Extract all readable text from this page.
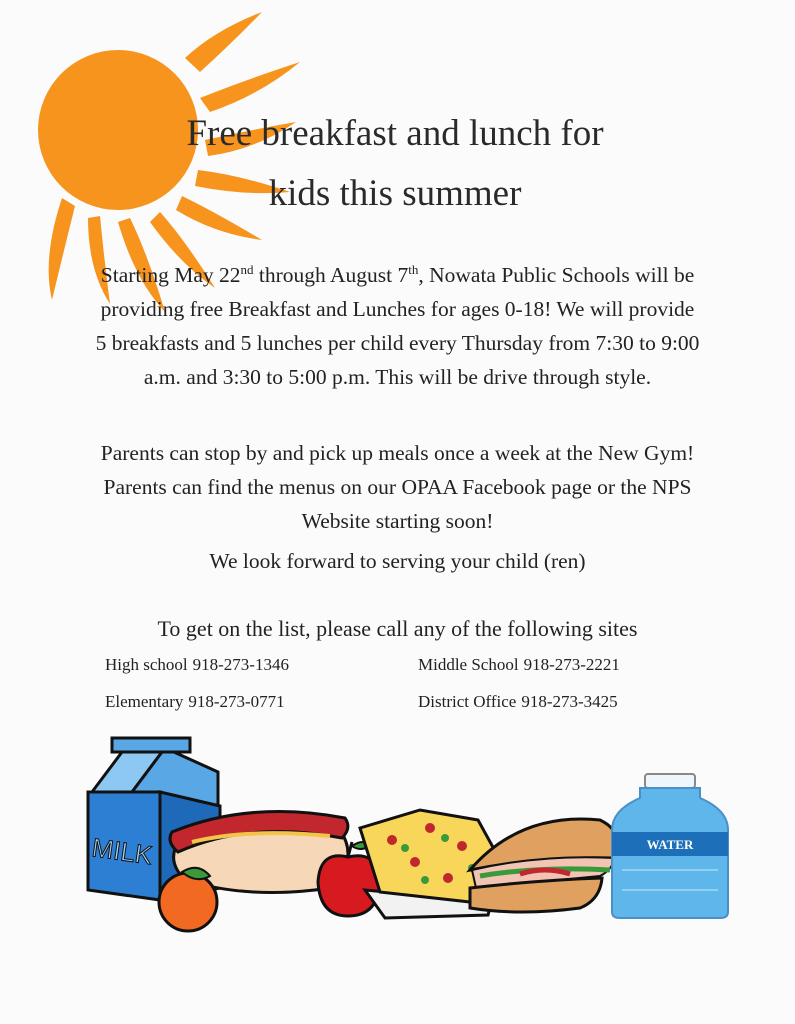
Free breakfast and lunch for
kids this summer
Starting May 22nd through August 7th, Nowata Public Schools will be providing free Breakfast and Lunches for ages 0-18! We will provide 5 breakfasts and 5 lunches per child every Thursday from 7:30 to 9:00 a.m. and 3:30 to 5:00 p.m. This will be drive through style.
Parents can stop by and pick up meals once a week at the New Gym! Parents can find the menus on our OPAA Facebook page or the NPS Website starting soon!
We look forward to serving your child (ren)
To get on the list, please call any of the following sites
High school 918-273-1346	Middle School 918-273-2221
Elementary 918-273-0771	District Office 918-273-3425
MILK	WATER
